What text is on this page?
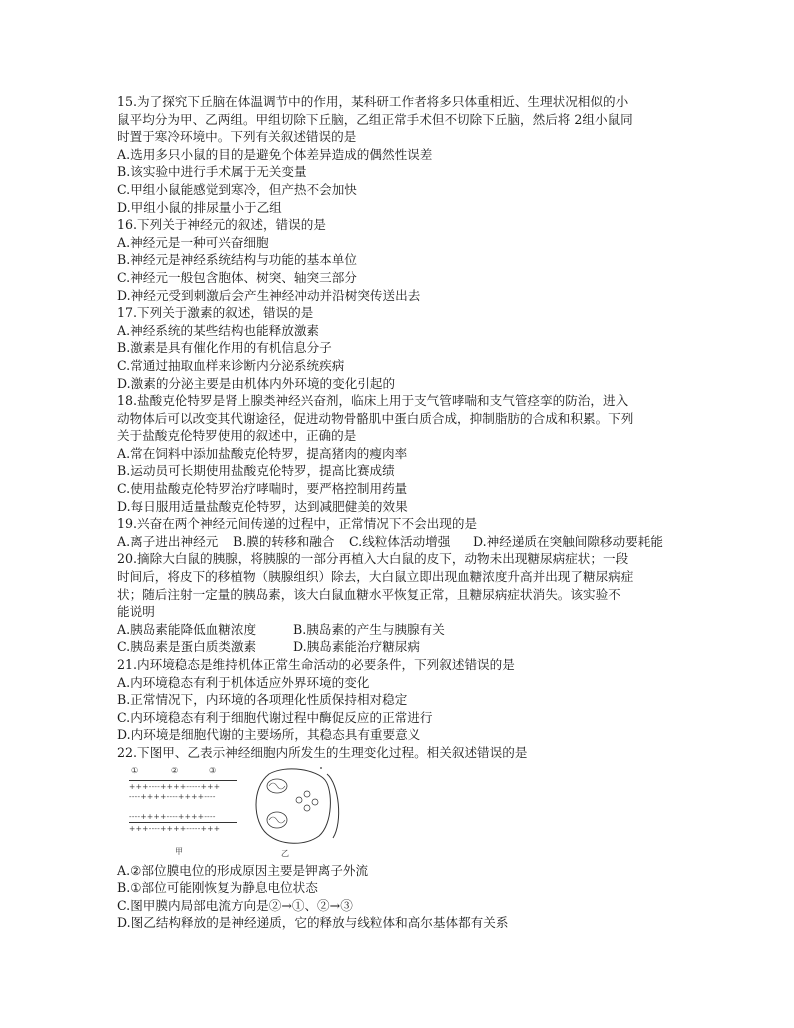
15.为了探究下丘脑在体温调节中的作用，某科研工作者将多只体重相近、生理状况相似的小
鼠平均分为甲、乙两组。甲组切除下丘脑，乙组正常手术但不切除下丘脑，然后将 2组小鼠同
时置于寒冷环境中。下列有关叙述错误的是
A.选用多只小鼠的目的是避免个体差异造成的偶然性误差
B.该实验中进行手术属于无关变量
C.甲组小鼠能感觉到寒冷，但产热不会加快
D.甲组小鼠的排尿量小于乙组
16.下列关于神经元的叙述，错误的是
A.神经元是一种可兴奋细胞
B.神经元是神经系统结构与功能的基本单位
C.神经元一般包含胞体、树突、轴突三部分
D.神经元受到刺激后会产生神经冲动并沿树突传送出去
17.下列关于激素的叙述，错误的是
A.神经系统的某些结构也能释放激素
B.激素是具有催化作用的有机信息分子
C.常通过抽取血样来诊断内分泌系统疾病
D.激素的分泌主要是由机体内外环境的变化引起的
18.盐酸克伦特罗是肾上腺类神经兴奋剂，临床上用于支气管哮喘和支气管痉挛的防治，进入
动物体后可以改变其代谢途径，促进动物骨骼肌中蛋白质合成，抑制脂肪的合成和积累。下列
关于盐酸克伦特罗使用的叙述中，正确的是
A.常在饲料中添加盐酸克伦特罗，提高猪肉的瘦肉率
B.运动员可长期使用盐酸克伦特罗，提高比赛成绩
C.使用盐酸克伦特罗治疗哮喘时，要严格控制用药量
D.每日服用适量盐酸克伦特罗，达到减肥健美的效果
19.兴奋在两个神经元间传递的过程中，正常情况下不会出现的是
A.离子进出神经元	B.膜的转移和融合	C.线粒体活动增强	D.神经递质在突触间隙移动要耗能
20.摘除大白鼠的胰腺，将胰腺的一部分再植入大白鼠的皮下，动物未出现糖尿病症状；一段
时间后，将皮下的移植物（胰腺组织）除去，大白鼠立即出现血糖浓度升高并出现了糖尿病症
状；随后注射一定量的胰岛素，该大白鼠血糖水平恢复正常，且糖尿病症状消失。该实验不
能说明
A.胰岛素能降低血糖浓度	B.胰岛素的产生与胰腺有关
C.胰岛素是蛋白质类激素	D.胰岛素能治疗糖尿病
21.内环境稳态是维持机体正常生命活动的必要条件，下列叙述错误的是
A.内环境稳态有利于机体适应外界环境的变化
B.正常情况下，内环境的各项理化性质保持相对稳定
C.内环境稳态有利于细胞代谢过程中酶促反应的正常进行
D.内环境是细胞代谢的主要场所，其稳态具有重要意义
22.下图甲、乙表示神经细胞内所发生的生理变化过程。相关叙述错误的是
①	②	③
+++----++++-----+++
----++++----++++----
----++++----++++----
+++----++++-----+++
甲	乙
A.②部位膜电位的形成原因主要是钾离子外流
B.①部位可能刚恢复为静息电位状态
C.图甲膜内局部电流方向是②→①、②→③
D.图乙结构释放的是神经递质，它的释放与线粒体和高尔基体都有关系
